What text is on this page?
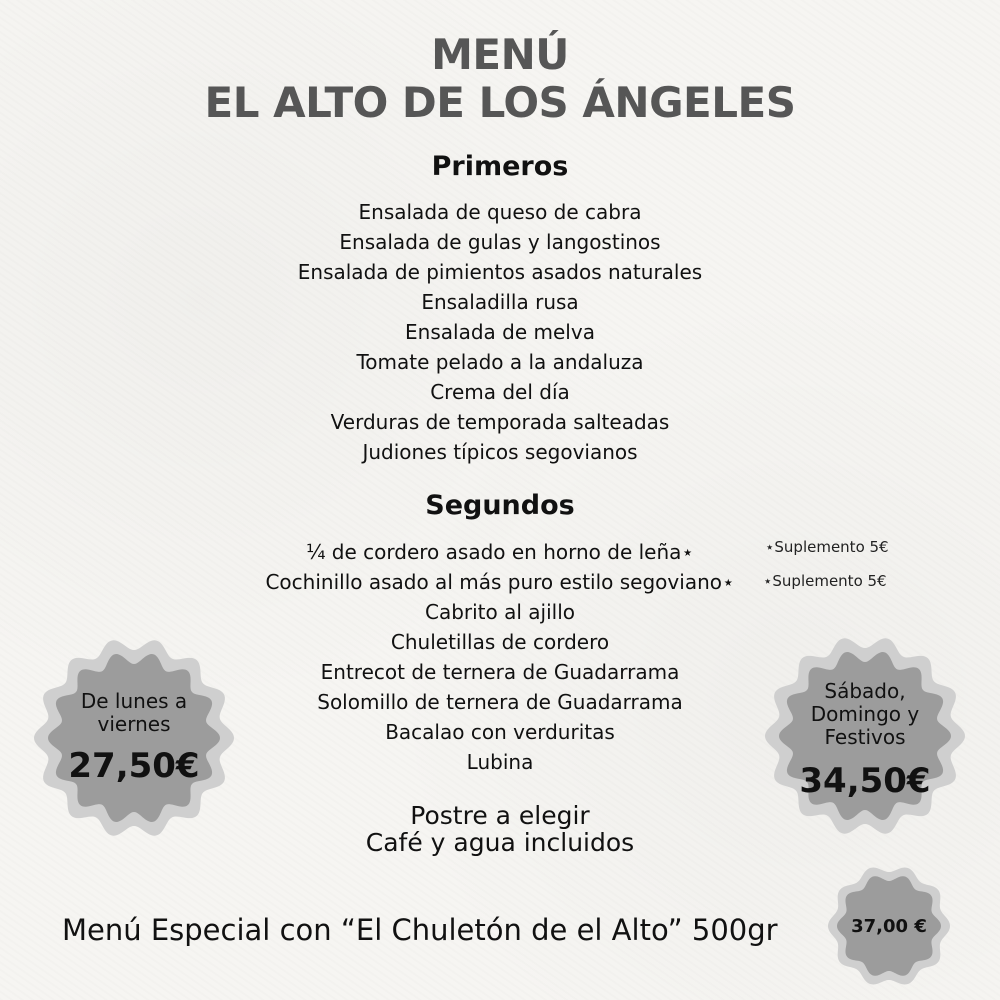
MENÚ
EL ALTO DE LOS ÁNGELES
Primeros
Ensalada de queso de cabra
Ensalada de gulas y langostinos
Ensalada de pimientos asados naturales
Ensaladilla rusa
Ensalada de melva
Tomate pelado a la andaluza
Crema del día
Verduras de temporada salteadas
Judiones típicos segovianos
Segundos
¼ de cordero asado en horno de leña⋆
Cochinillo asado al más puro estilo segoviano⋆
Cabrito al ajillo
Chuletillas de cordero
Entrecot de ternera de Guadarrama
Solomillo de ternera de Guadarrama
Bacalao con verduritas
Lubina
⋆Suplemento 5€
⋆Suplemento 5€
Postre a elegir
Café y agua incluidos
Menú Especial con “El Chuletón de el Alto” 500gr
De lunes a viernes
27,50€
Sábado, Domingo y Festivos
34,50€
37,00 €
